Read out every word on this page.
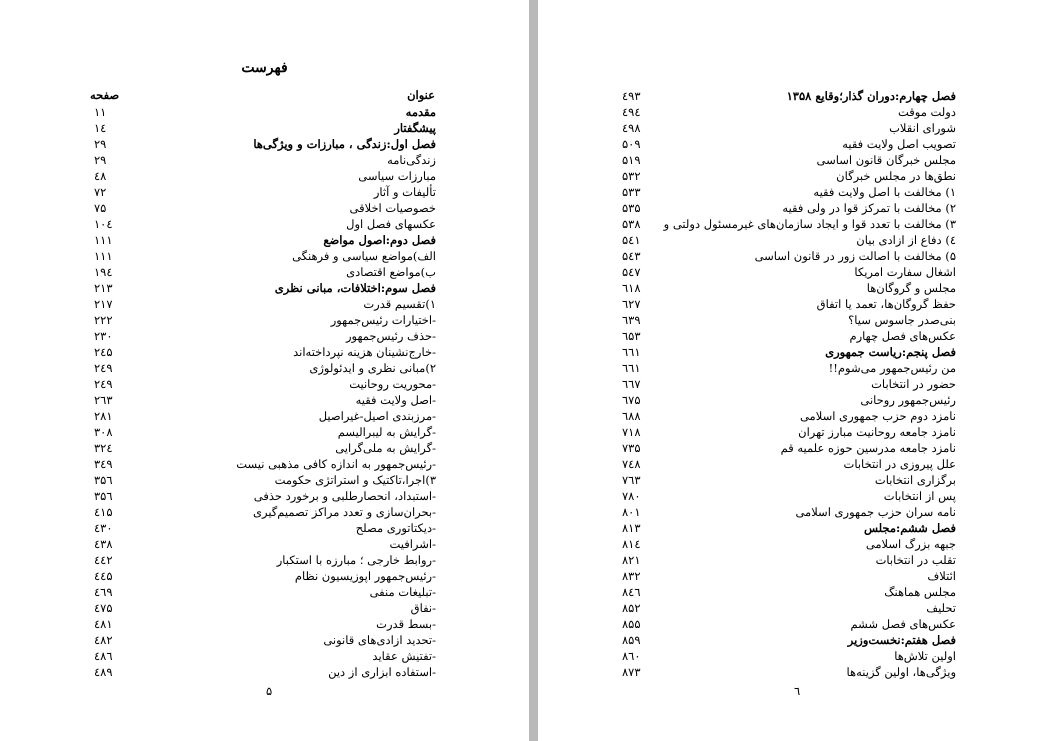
فهرست
عنوان
صفحه
مقدمه
۱۱
پیشگفتار
۱٤
فصل اول:زندگی ، مبارزات و ویژگی‌ها
۲۹
زندگی‌نامه
۲۹
مبارزات سیاسی
٤٨
تألیفات و آثار
۷۲
خصوصیات اخلاقی
۷۵
عکسهای فصل اول
۱۰٤
فصل دوم:اصول مواضع
۱۱۱
الف)مواضع سیاسی و فرهنگی
۱۱۱
ب)مواضع اقتصادی
۱۹٤
فصل سوم:اختلافات، مبانی نظری
۲۱۳
۱)تقسیم قدرت
۲۱۷
-اختیارات رئیس‌جمهور
۲۲۲
-حذف رئیس‌جمهور
۲۳۰
-خارج‌نشینان هزینه نپرداخته‌اند
۲٤۵
۲)مبانی نظری و ایدئولوژی
۲٤۹
-محوریت روحانیت
۲٤۹
-اصل ولایت فقیه
۲٦۳
-مرزبندی اصیل-غیراصیل
۲۸۱
-گرایش به لیبرالیسم
۳۰۸
-گرایش به ملی‌گرایی
۳۲٤
-رئیس‌جمهور به اندازه کافی مذهبی نیست
۳٤۹
۳)اجرا،تاکتیک و استراتژی حکومت
۳۵٦
-استبداد، انحصارطلبی و برخورد حذفی
۳۵٦
-بحران‌سازی و تعدد مراکز تصمیم‌گیری
٤۱۵
-دیکتاتوری مصلح
٤۳۰
-اشرافیت
٤۳۸
-روابط خارجی ؛ مبارزه با استکبار
٤٤۲
-رئیس‌جمهور اپوزیسیون نظام
٤٤۵
-تبلیغات منفی
٤٦۹
-نفاق
٤۷۵
-بسط قدرت
٤٨۱
-تحدید ازادی‌های قانونی
٤٨۲
-تفتیش عقاید
٤٨٦
-استفاده ابزاری از دین
٤٨۹
۵
فصل چهارم:دوران گذار؛وقایع ۱۳۵٨
٤۹۳
دولت موقت
٤۹٤
شورای انقلاب
٤۹٨
تصویب اصل ولایت فقیه
۵۰۹
مجلس خبرگان قانون اساسی
۵۱۹
نطق‌ها در مجلس خبرگان
۵۳۲
۱) مخالفت با اصل ولایت فقیه
۵۳۳
۲) مخالفت با تمرکز قوا در ولی فقیه
۵۳۵
۳) مخالفت با تعدد قوا و ایجاد سازمان‌های غیرمسئول دولتی و
۵۳٨
٤) دفاع از ازادی بیان
۵٤۱
۵) مخالفت با اصالت زور در قانون اساسی
۵٤۳
اشغال سفارت امریکا
۵٤۷
مجلس و گروگان‌ها
٦۱٨
حفظ گروگان‌ها، تعمد یا اتفاق
٦۲۷
بنی‌صدر جاسوس سیا؟
٦۳۹
عکس‌های فصل چهارم
٦۵۳
فصل پنجم:ریاست جمهوری
٦٦۱
من رئیس‌جمهور می‌شوم!!
٦٦۱
حضور در انتخابات
٦٦۷
رئیس‌جمهور روحانی
٦۷۵
نامزد دوم حزب جمهوری اسلامی
٦٨٨
نامزد جامعه روحانیت مبارز تهران
۷۱٨
نامزد جامعه مدرسین حوزه علمیه قم
۷۳۵
علل پیروزی در انتخابات
۷٤٨
برگزاری انتخابات
۷٦۳
پس از انتخابات
۷٨۰
نامه سران حزب جمهوری اسلامی
۸۰۱
فصل ششم:مجلس
٨۱۳
جبهه بزرگ اسلامی
٨۱٤
تقلب در انتخابات
٨۲۱
ائتلاف
٨۳۲
مجلس هماهنگ
٨٤٦
تحلیف
٨۵۲
عکس‌های فصل ششم
٨۵۵
فصل هفتم:نخست‌وزیر
٨۵۹
اولین تلاش‌ها
٨٦۰
ویژگی‌ها، اولین گزینه‌ها
٨۷۳
٦
